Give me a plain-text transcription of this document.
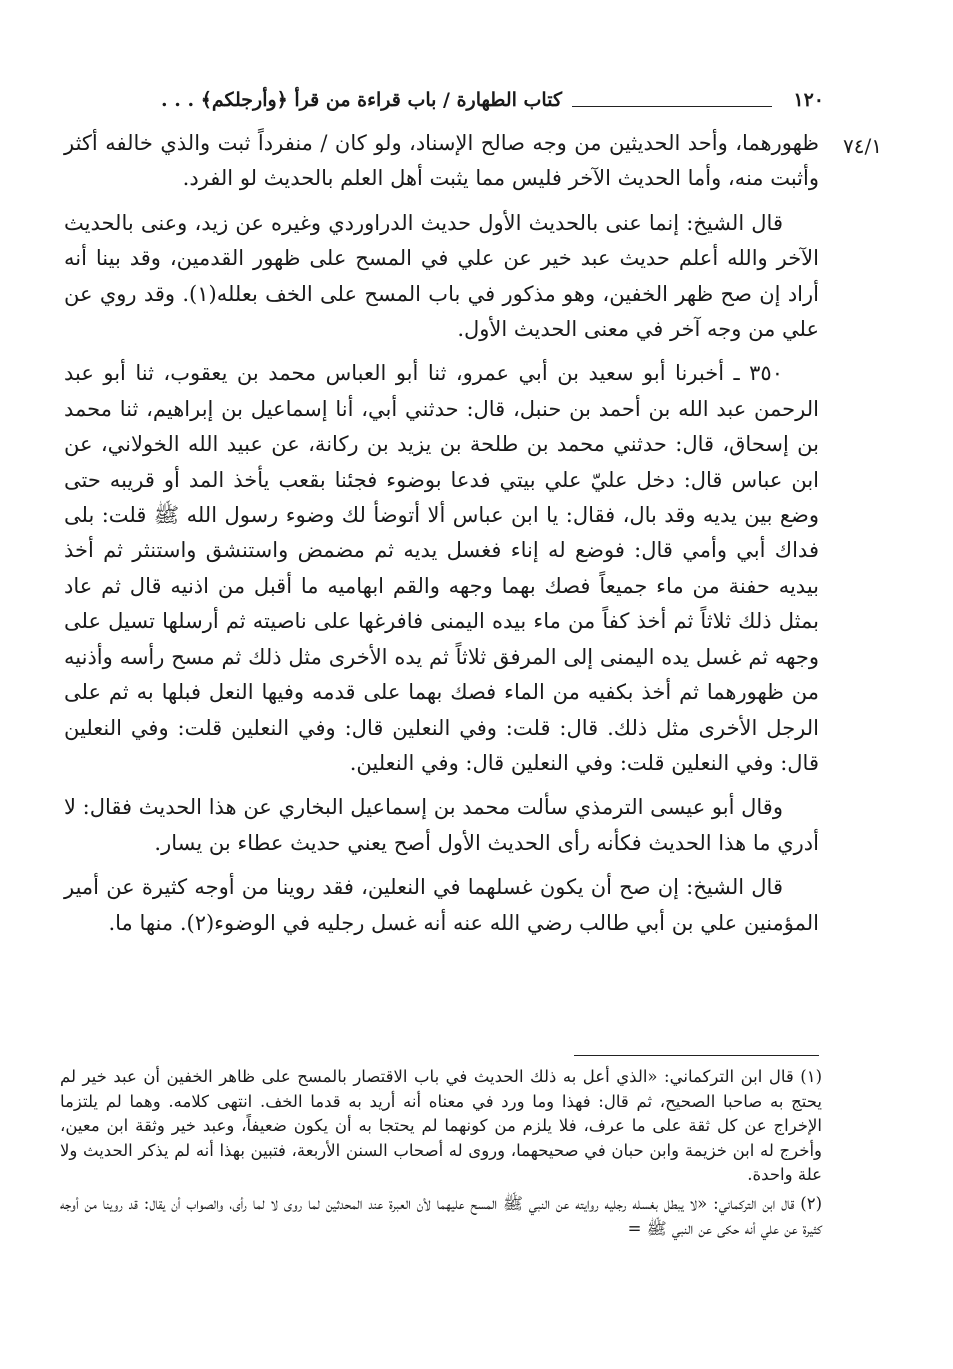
١٢٠
كتاب الطهارة / باب قراءة من قرأ ﴿وأرجلكم﴾ . . .
٧٤/١

ظهورهما، وأحد الحديثين من وجه صالح الإسناد، ولو كان / منفرداً ثبت والذي خالفه أكثر وأثبت منه، وأما الحديث الآخر فليس مما يثبت أهل العلم بالحديث لو الفرد.

قال الشيخ: إنما عنى بالحديث الأول حديث الدراوردي وغيره عن زيد، وعنى بالحديث الآخر والله أعلم حديث عبد خير عن علي في المسح على ظهور القدمين، وقد بينا أنه أراد إن صح ظهر الخفين، وهو مذكور في باب المسح على الخف بعلله(١). وقد روي عن علي من وجه آخر في معنى الحديث الأول.

٣٥٠ ـ أخبرنا أبو سعيد بن أبي عمرو، ثنا أبو العباس محمد بن يعقوب، ثنا أبو عبد الرحمن عبد الله بن أحمد بن حنبل، قال: حدثني أبي، أنا إسماعيل بن إبراهيم، ثنا محمد بن إسحاق، قال: حدثني محمد بن طلحة بن يزيد بن ركانة، عن عبيد الله الخولاني، عن ابن عباس قال: دخل عليّ علي بيتي فدعا بوضوء فجئنا بقعب يأخذ المد أو قريبه حتى وضع بين يديه وقد بال، فقال: يا ابن عباس ألا أتوضأ لك وضوء رسول الله ﷺ قلت: بلى فداك أبي وأمي قال: فوضع له إناء فغسل يديه ثم مضمض واستنشق واستنثر ثم أخذ بيديه حفنة من ماء جميعاً فصك بهما وجهه والقم ابهاميه ما أقبل من اذنيه قال ثم عاد بمثل ذلك ثلاثاً ثم أخذ كفاً من ماء بيده اليمنى فافرغها على ناصيته ثم أرسلها تسيل على وجهه ثم غسل يده اليمنى إلى المرفق ثلاثاً ثم يده الأخرى مثل ذلك ثم مسح رأسه وأذنيه من ظهورهما ثم أخذ بكفيه من الماء فصك بهما على قدمه وفيها النعل فبلها به ثم على الرجل الأخرى مثل ذلك. قال: قلت: وفي النعلين قال: وفي النعلين قلت: وفي النعلين قال: وفي النعلين قلت: وفي النعلين قال: وفي النعلين.

وقال أبو عيسى الترمذي سألت محمد بن إسماعيل البخاري عن هذا الحديث فقال: لا أدري ما هذا الحديث فكأنه رأى الحديث الأول أصح يعني حديث عطاء بن يسار.

قال الشيخ: إن صح أن يكون غسلهما في النعلين، فقد روينا من أوجه كثيرة عن أمير المؤمنين علي بن أبي طالب رضي الله عنه أنه غسل رجليه في الوضوء(٢). منها ما.

(١) قال ابن التركماني: «الذي أعل به ذلك الحديث في باب الاقتصار بالمسح على ظاهر الخفين أن عبد خير لم يحتج به صاحبا الصحيح، ثم قال: فهذا وما ورد في معناه أنه أريد به قدما الخف. انتهى كلامه. وهما لم يلتزما الإخراج عن كل ثقة على ما عرف، فلا يلزم من كونهما لم يحتجا به أن يكون ضعيفاً، وعبد خير وثقة ابن معين، وأخرج له ابن خزيمة وابن حبان في صحيحهما، وروى له أصحاب السنن الأربعة، فتبين بهذا أنه لم يذكر الحديث ولا علة واحدة.

(٢) قال ابن التركماني: «لا يبطل بغسله رجليه روايته عن النبي ﷺ المسح عليهما لأن العبرة عند المحدثين لما روى لا لما رأى، والصواب أن يقال: قد روينا من أوجه كثيرة عن علي أنه حكى عن النبي ﷺ =
